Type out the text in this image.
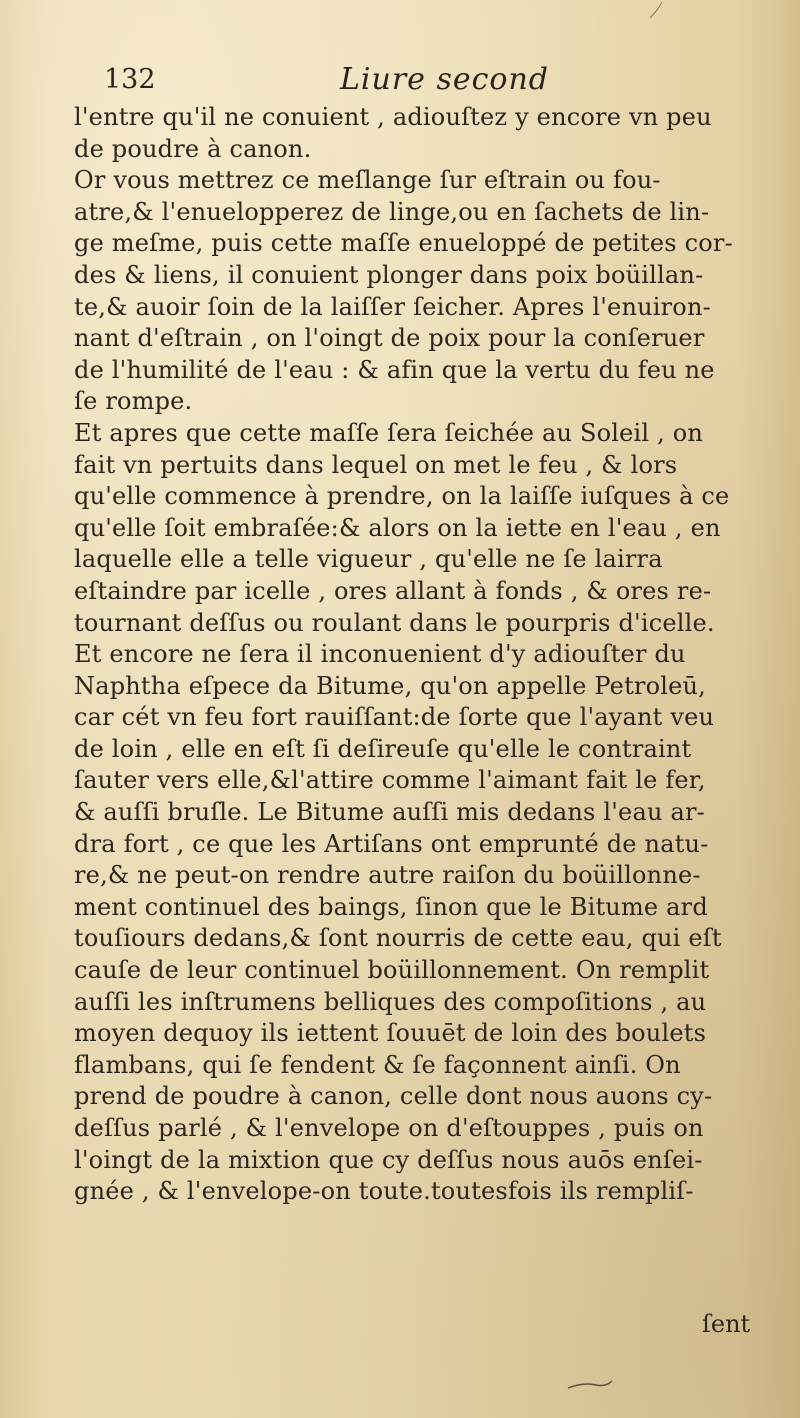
132	Liure second
l'entre qu'il ne conuient , adiouſtez y encore vn peu
de poudre à canon.
Or vous mettrez ce meſlange ſur eſtrain ou fou-
atre,& l'enuelopperez de linge,ou en ſachets de lin-
ge meſme, puis cette maſſe enueloppé de petites cor-
des & liens, il conuient plonger dans poix boüillan-
te,& auoir ſoin de la laiſſer ſeicher. Apres l'enuiron-
nant d'eſtrain , on l'oingt de poix pour la conſeruer
de l'humilité de l'eau : & afin que la vertu du feu ne
ſe rompe.
Et apres que cette maſſe ſera ſeichée au Soleil , on
fait vn pertuits dans lequel on met le feu , & lors
qu'elle commence à prendre, on la laiſſe iuſques à ce
qu'elle ſoit embraſée:& alors on la iette en l'eau , en
laquelle elle a telle vigueur , qu'elle ne ſe lairra
eſtaindre par icelle , ores allant à fonds , & ores re-
tournant deſſus ou roulant dans le pourpris d'icelle.
Et encore ne ſera il inconuenient d'y adiouſter du
Naphtha eſpece da Bitume, qu'on appelle Petroleū,
car cét vn feu fort rauiſſant:de ſorte que l'ayant veu
de loin , elle en eſt ſi deſireuſe qu'elle le contraint
ſauter vers elle,&l'attire comme l'aimant fait le fer,
& auſſi bruſle. Le Bitume auſſi mis dedans l'eau ar-
dra fort , ce que les Artiſans ont emprunté de natu-
re,& ne peut-on rendre autre raiſon du boüillonne-
ment continuel des baings, ſinon que le Bitume ard
touſiours dedans,& ſont nourris de cette eau, qui eſt
cauſe de leur continuel boüillonnement. On remplit
auſſi les inſtrumens belliques des compoſitions , au
moyen dequoy ils iettent ſouuēt de loin des boulets
flambans, qui ſe fendent & ſe façonnent ainſi. On
prend de poudre à canon, celle dont nous auons cy-
deſſus parlé , & l'envelope on d'eſtouppes , puis on
l'oingt de la mixtion que cy deſſus nous auōs enſei-
gnée , & l'envelope-on toute.toutesfois ils rempliſ-
ſent
